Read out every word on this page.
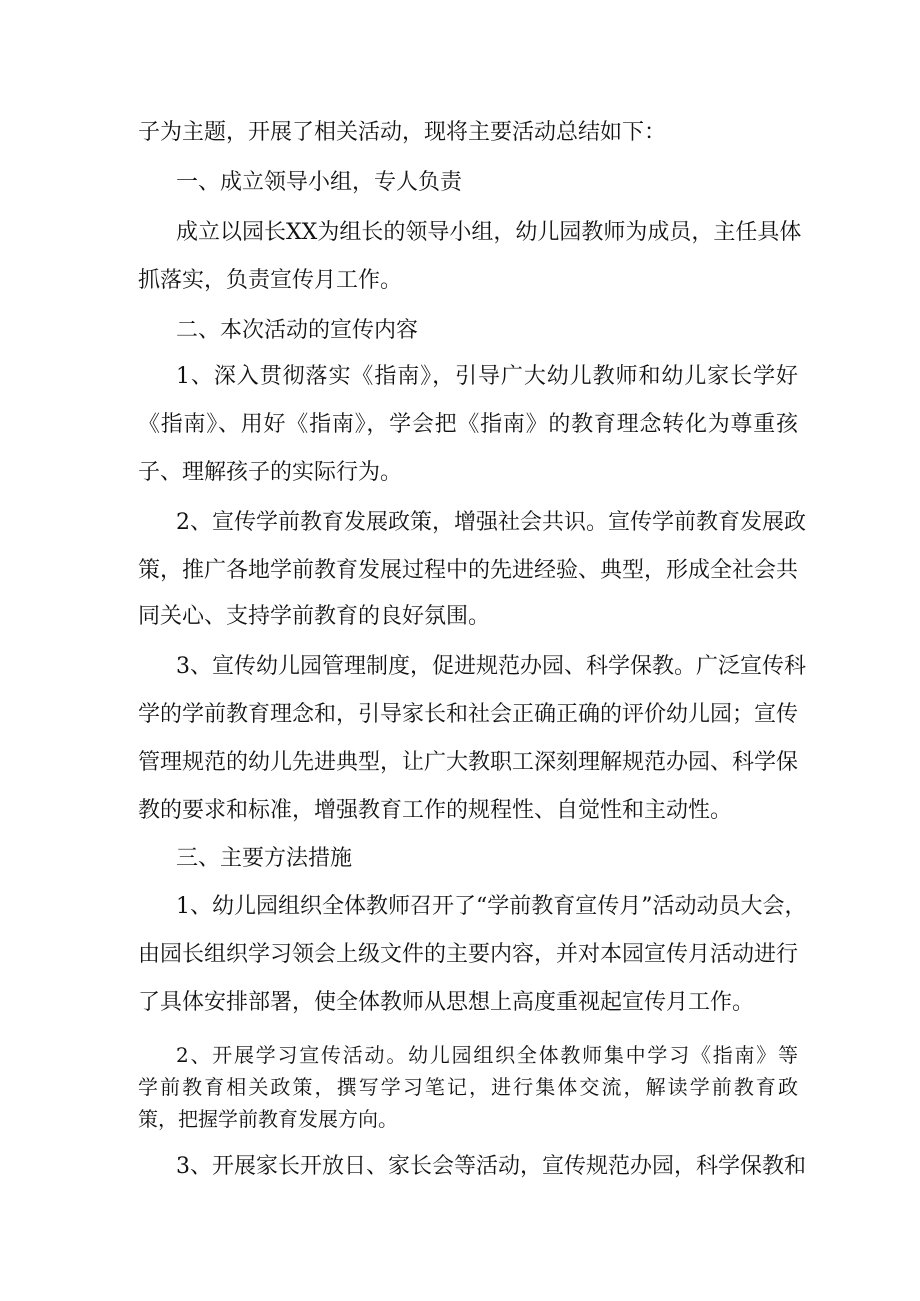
子为主题，开展了相关活动，现将主要活动总结如下：
一、成立领导小组，专人负责
成立以园长XX为组长的领导小组，幼儿园教师为成员，主任具体
抓落实，负责宣传月工作。
二、本次活动的宣传内容
1、深入贯彻落实《指南》，引导广大幼儿教师和幼儿家长学好
《指南》、用好《指南》，学会把《指南》的教育理念转化为尊重孩
子、理解孩子的实际行为。
2、宣传学前教育发展政策，增强社会共识。宣传学前教育发展政
策，推广各地学前教育发展过程中的先进经验、典型，形成全社会共
同关心、支持学前教育的良好氛围。
3、宣传幼儿园管理制度，促进规范办园、科学保教。广泛宣传科
学的学前教育理念和，引导家长和社会正确正确的评价幼儿园；宣传
管理规范的幼儿先进典型，让广大教职工深刻理解规范办园、科学保
教的要求和标准，增强教育工作的规程性、自觉性和主动性。
三、主要方法措施
1、幼儿园组织全体教师召开了“学前教育宣传月”活动动员大会，
由园长组织学习领会上级文件的主要内容，并对本园宣传月活动进行
了具体安排部署，使全体教师从思想上高度重视起宣传月工作。
2、开展学习宣传活动。幼儿园组织全体教师集中学习《指南》等
学前教育相关政策，撰写学习笔记，进行集体交流，解读学前教育政
策，把握学前教育发展方向。
3、开展家长开放日、家长会等活动，宣传规范办园，科学保教和
